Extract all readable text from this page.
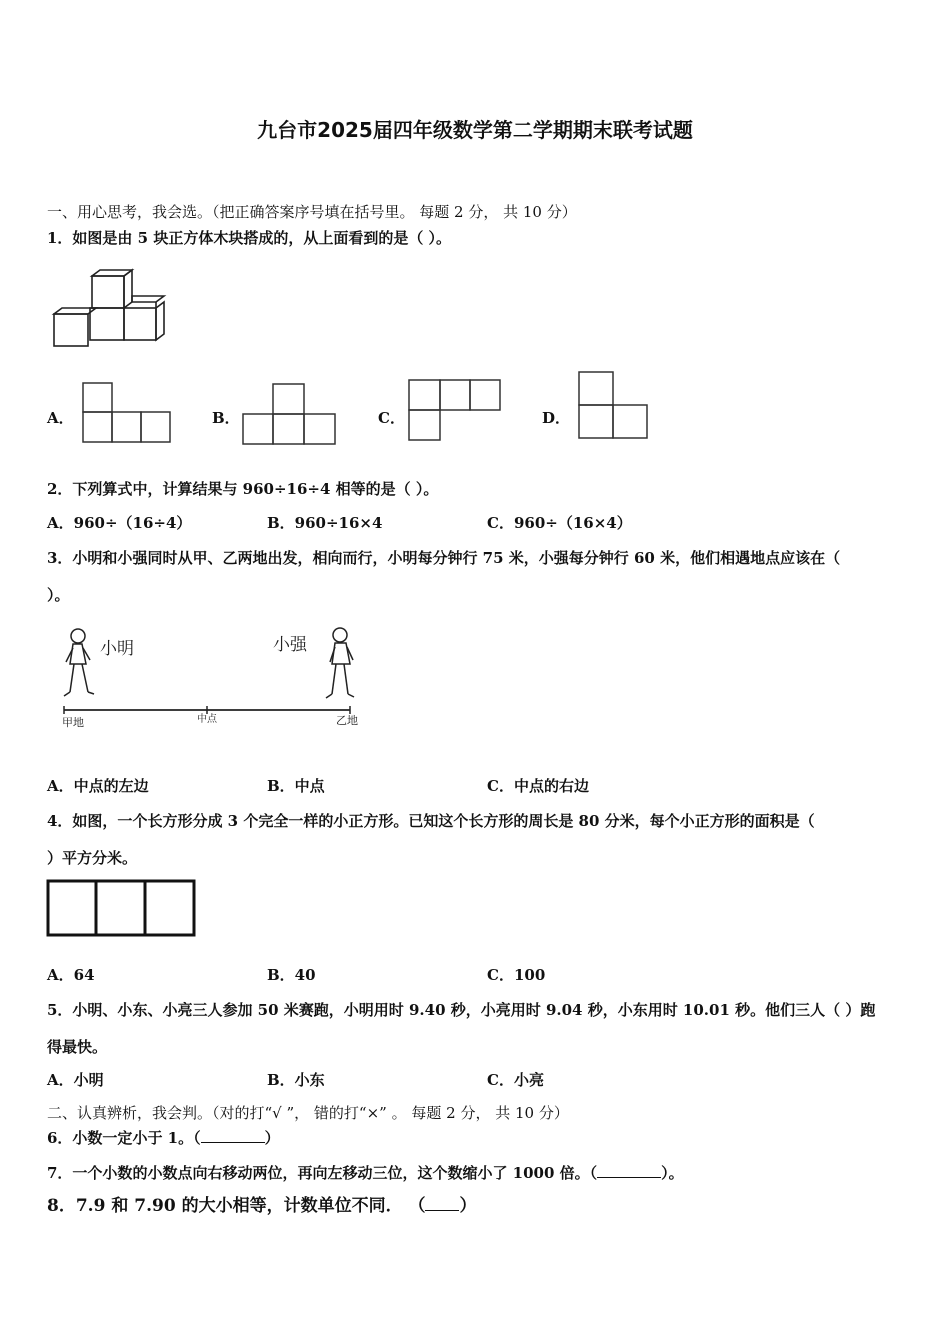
九台市2025届四年级数学第二学期期末联考试题
一、用心思考，我会选。（把正确答案序号填在括号里。 每题 2 分， 共 10 分）
1．如图是由 5 块正方体木块搭成的，从上面看到的是（ ）。
A．	B．	C．	D．
2．下列算式中，计算结果与 960÷16÷4 相等的是（ ）。
A．960÷（16÷4）	B．960÷16×4	C．960÷（16×4）
3．小明和小强同时从甲、乙两地出发，相向而行，小明每分钟行 75 米，小强每分钟行 60 米，他们相遇地点应该在（
）。
小明	小强
甲地	中点	乙地
A．中点的左边	B．中点	C．中点的右边
4．如图，一个长方形分成 3 个完全一样的小正方形。已知这个长方形的周长是 80 分米，每个小正方形的面积是（
）平方分米。
A．64	B．40	C．100
5．小明、小东、小亮三人参加 50 米赛跑，小明用时 9.40 秒，小亮用时 9.04 秒，小东用时 10.01 秒。他们三人（ ）跑
得最快。
A．小明	B．小东	C．小亮
二、认真辨析，我会判。（对的打“√ ”， 错的打“×” 。 每题 2 分， 共 10 分）
6．小数一定小于 1。（	）
7．一个小数的小数点向右移动两位，再向左移动三位，这个数缩小了 1000 倍。（	）。
8．7.9 和 7.90 的大小相等，计数单位不同． （ ）
